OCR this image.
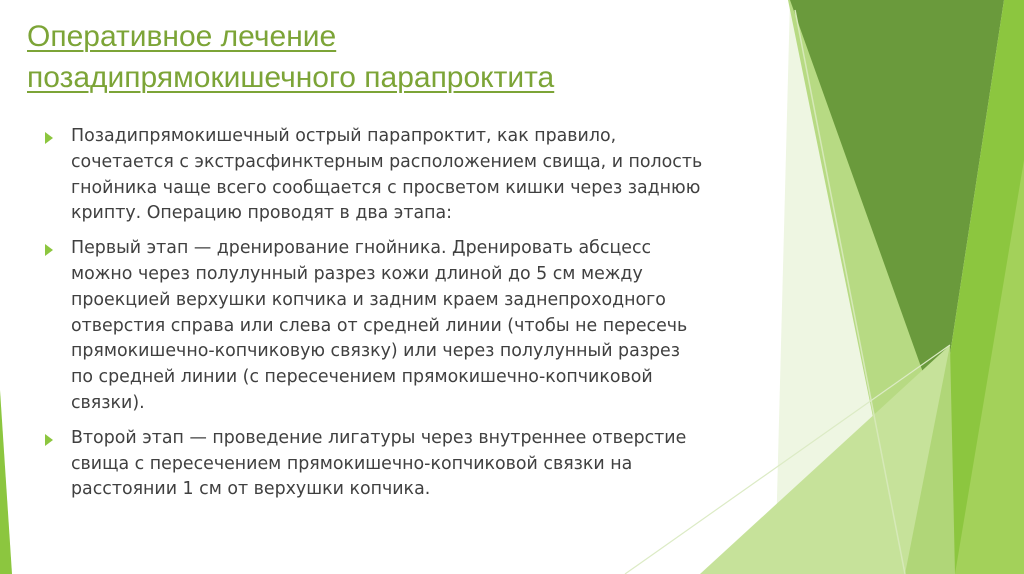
Оперативное лечение
позадипрямокишечного парапроктита
Позадипрямокишечный острый парапроктит, как правило,
сочетается с экстрасфинктерным расположением свища, и полость
гнойника чаще всего сообщается с просветом кишки через заднюю
крипту. Операцию проводят в два этапа:
Первый этап — дренирование гнойника. Дренировать абсцесс
можно через полулунный разрез кожи длиной до 5 см между
проекцией верхушки копчика и задним краем заднепроходного
отверстия справа или слева от средней линии (чтобы не пересечь
прямокишечно-копчиковую связку) или через полулунный разрез
по средней линии (с пересечением прямокишечно-копчиковой
связки).
Второй этап — проведение лигатуры через внутреннее отверстие
свища с пересечением прямокишечно-копчиковой связки на
расстоянии 1 см от верхушки копчика.
